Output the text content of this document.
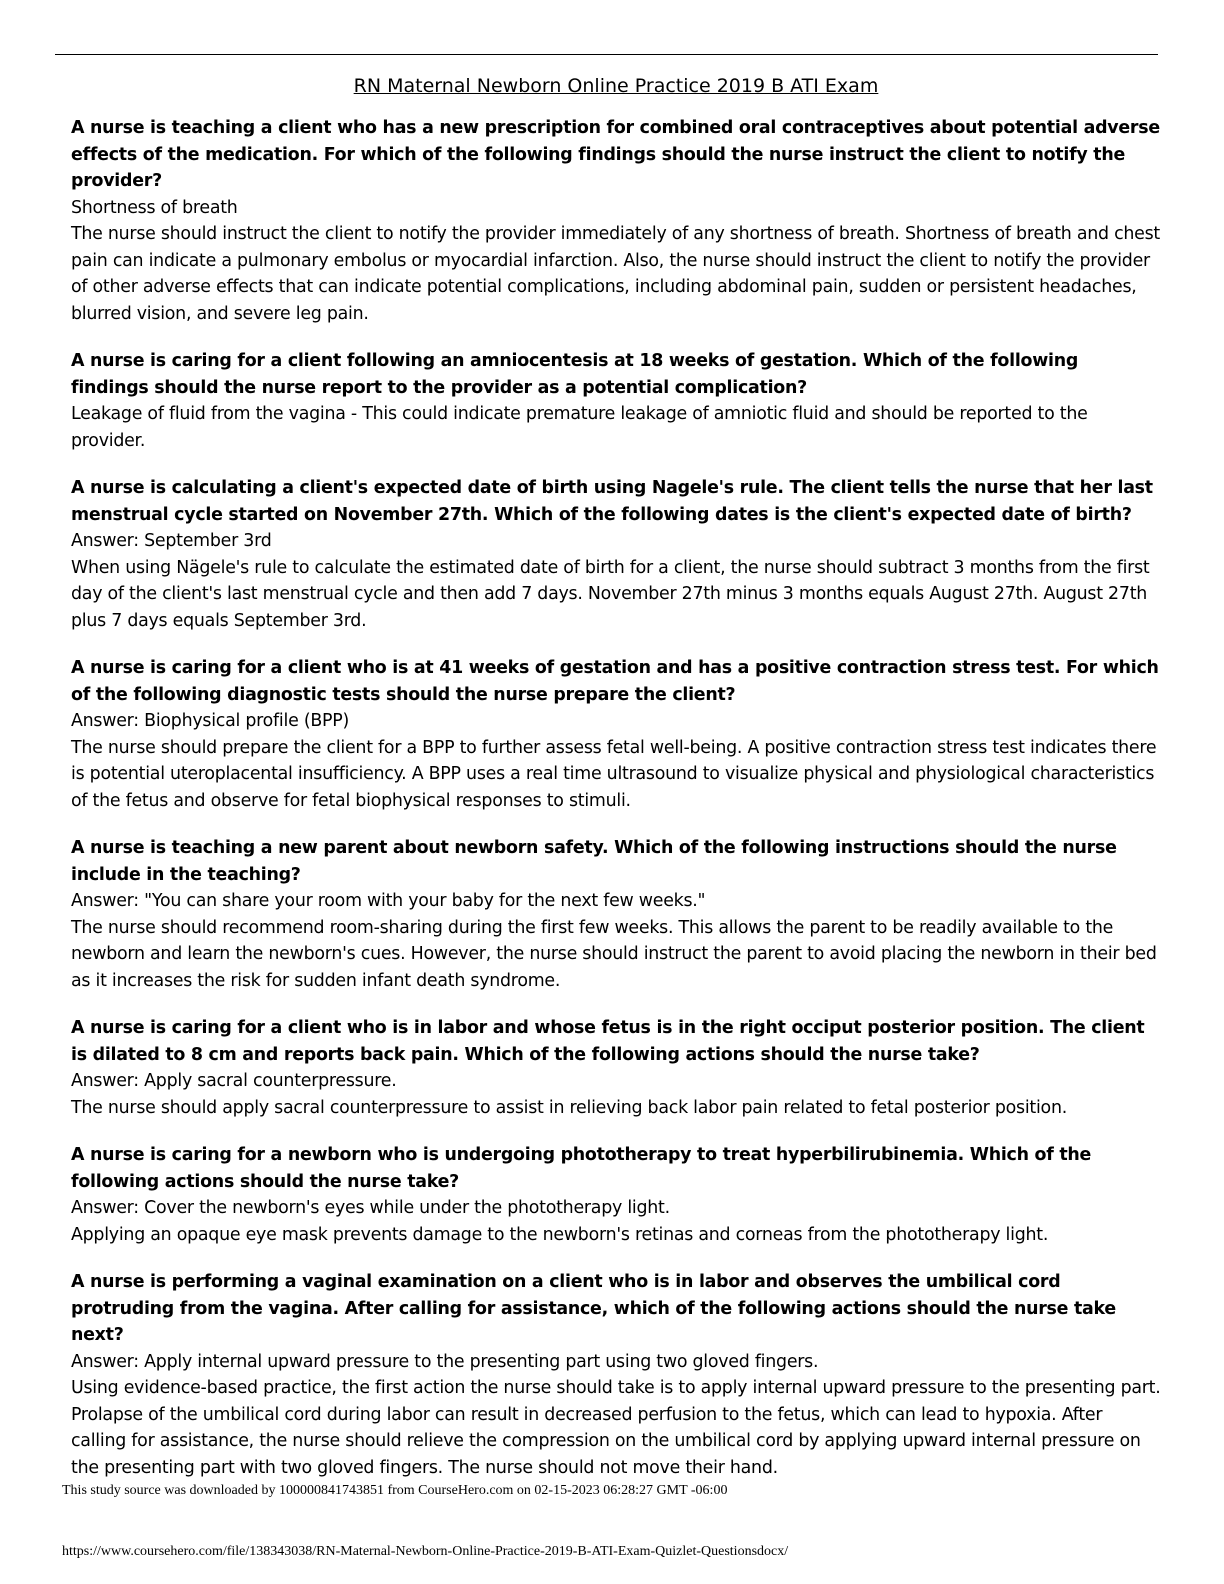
RN Maternal Newborn Online Practice 2019 B ATI Exam

A nurse is teaching a client who has a new prescription for combined oral contraceptives about potential adverse effects of the medication. For which of the following findings should the nurse instruct the client to notify the provider?

Shortness of breath

The nurse should instruct the client to notify the provider immediately of any shortness of breath. Shortness of breath and chest pain can indicate a pulmonary embolus or myocardial infarction. Also, the nurse should instruct the client to notify the provider of other adverse effects that can indicate potential complications, including abdominal pain, sudden or persistent headaches, blurred vision, and severe leg pain.

A nurse is caring for a client following an amniocentesis at 18 weeks of gestation. Which of the following findings should the nurse report to the provider as a potential complication?

Leakage of fluid from the vagina - This could indicate premature leakage of amniotic fluid and should be reported to the provider.

A nurse is calculating a client's expected date of birth using Nagele's rule. The client tells the nurse that her last menstrual cycle started on November 27th. Which of the following dates is the client's expected date of birth?

Answer: September 3rd

When using Nägele's rule to calculate the estimated date of birth for a client, the nurse should subtract 3 months from the first day of the client's last menstrual cycle and then add 7 days. November 27th minus 3 months equals August 27th. August 27th plus 7 days equals September 3rd.

A nurse is caring for a client who is at 41 weeks of gestation and has a positive contraction stress test. For which of the following diagnostic tests should the nurse prepare the client?

Answer: Biophysical profile (BPP)

The nurse should prepare the client for a BPP to further assess fetal well-being. A positive contraction stress test indicates there is potential uteroplacental insufficiency. A BPP uses a real time ultrasound to visualize physical and physiological characteristics of the fetus and observe for fetal biophysical responses to stimuli.

A nurse is teaching a new parent about newborn safety. Which of the following instructions should the nurse include in the teaching?

Answer: "You can share your room with your baby for the next few weeks."

The nurse should recommend room-sharing during the first few weeks. This allows the parent to be readily available to the newborn and learn the newborn's cues. However, the nurse should instruct the parent to avoid placing the newborn in their bed as it increases the risk for sudden infant death syndrome.

A nurse is caring for a client who is in labor and whose fetus is in the right occiput posterior position. The client is dilated to 8 cm and reports back pain. Which of the following actions should the nurse take?

Answer: Apply sacral counterpressure.

The nurse should apply sacral counterpressure to assist in relieving back labor pain related to fetal posterior position.

A nurse is caring for a newborn who is undergoing phototherapy to treat hyperbilirubinemia. Which of the following actions should the nurse take?

Answer: Cover the newborn's eyes while under the phototherapy light.

Applying an opaque eye mask prevents damage to the newborn's retinas and corneas from the phototherapy light.

A nurse is performing a vaginal examination on a client who is in labor and observes the umbilical cord protruding from the vagina. After calling for assistance, which of the following actions should the nurse take next?

Answer: Apply internal upward pressure to the presenting part using two gloved fingers.

Using evidence-based practice, the first action the nurse should take is to apply internal upward pressure to the presenting part. Prolapse of the umbilical cord during labor can result in decreased perfusion to the fetus, which can lead to hypoxia. After calling for assistance, the nurse should relieve the compression on the umbilical cord by applying upward internal pressure on the presenting part with two gloved fingers. The nurse should not move their hand.

This study source was downloaded by 100000841743851 from CourseHero.com on 02-15-2023 06:28:27 GMT -06:00
https://www.coursehero.com/file/138343038/RN-Maternal-Newborn-Online-Practice-2019-B-ATI-Exam-Quizlet-Questionsdocx/
